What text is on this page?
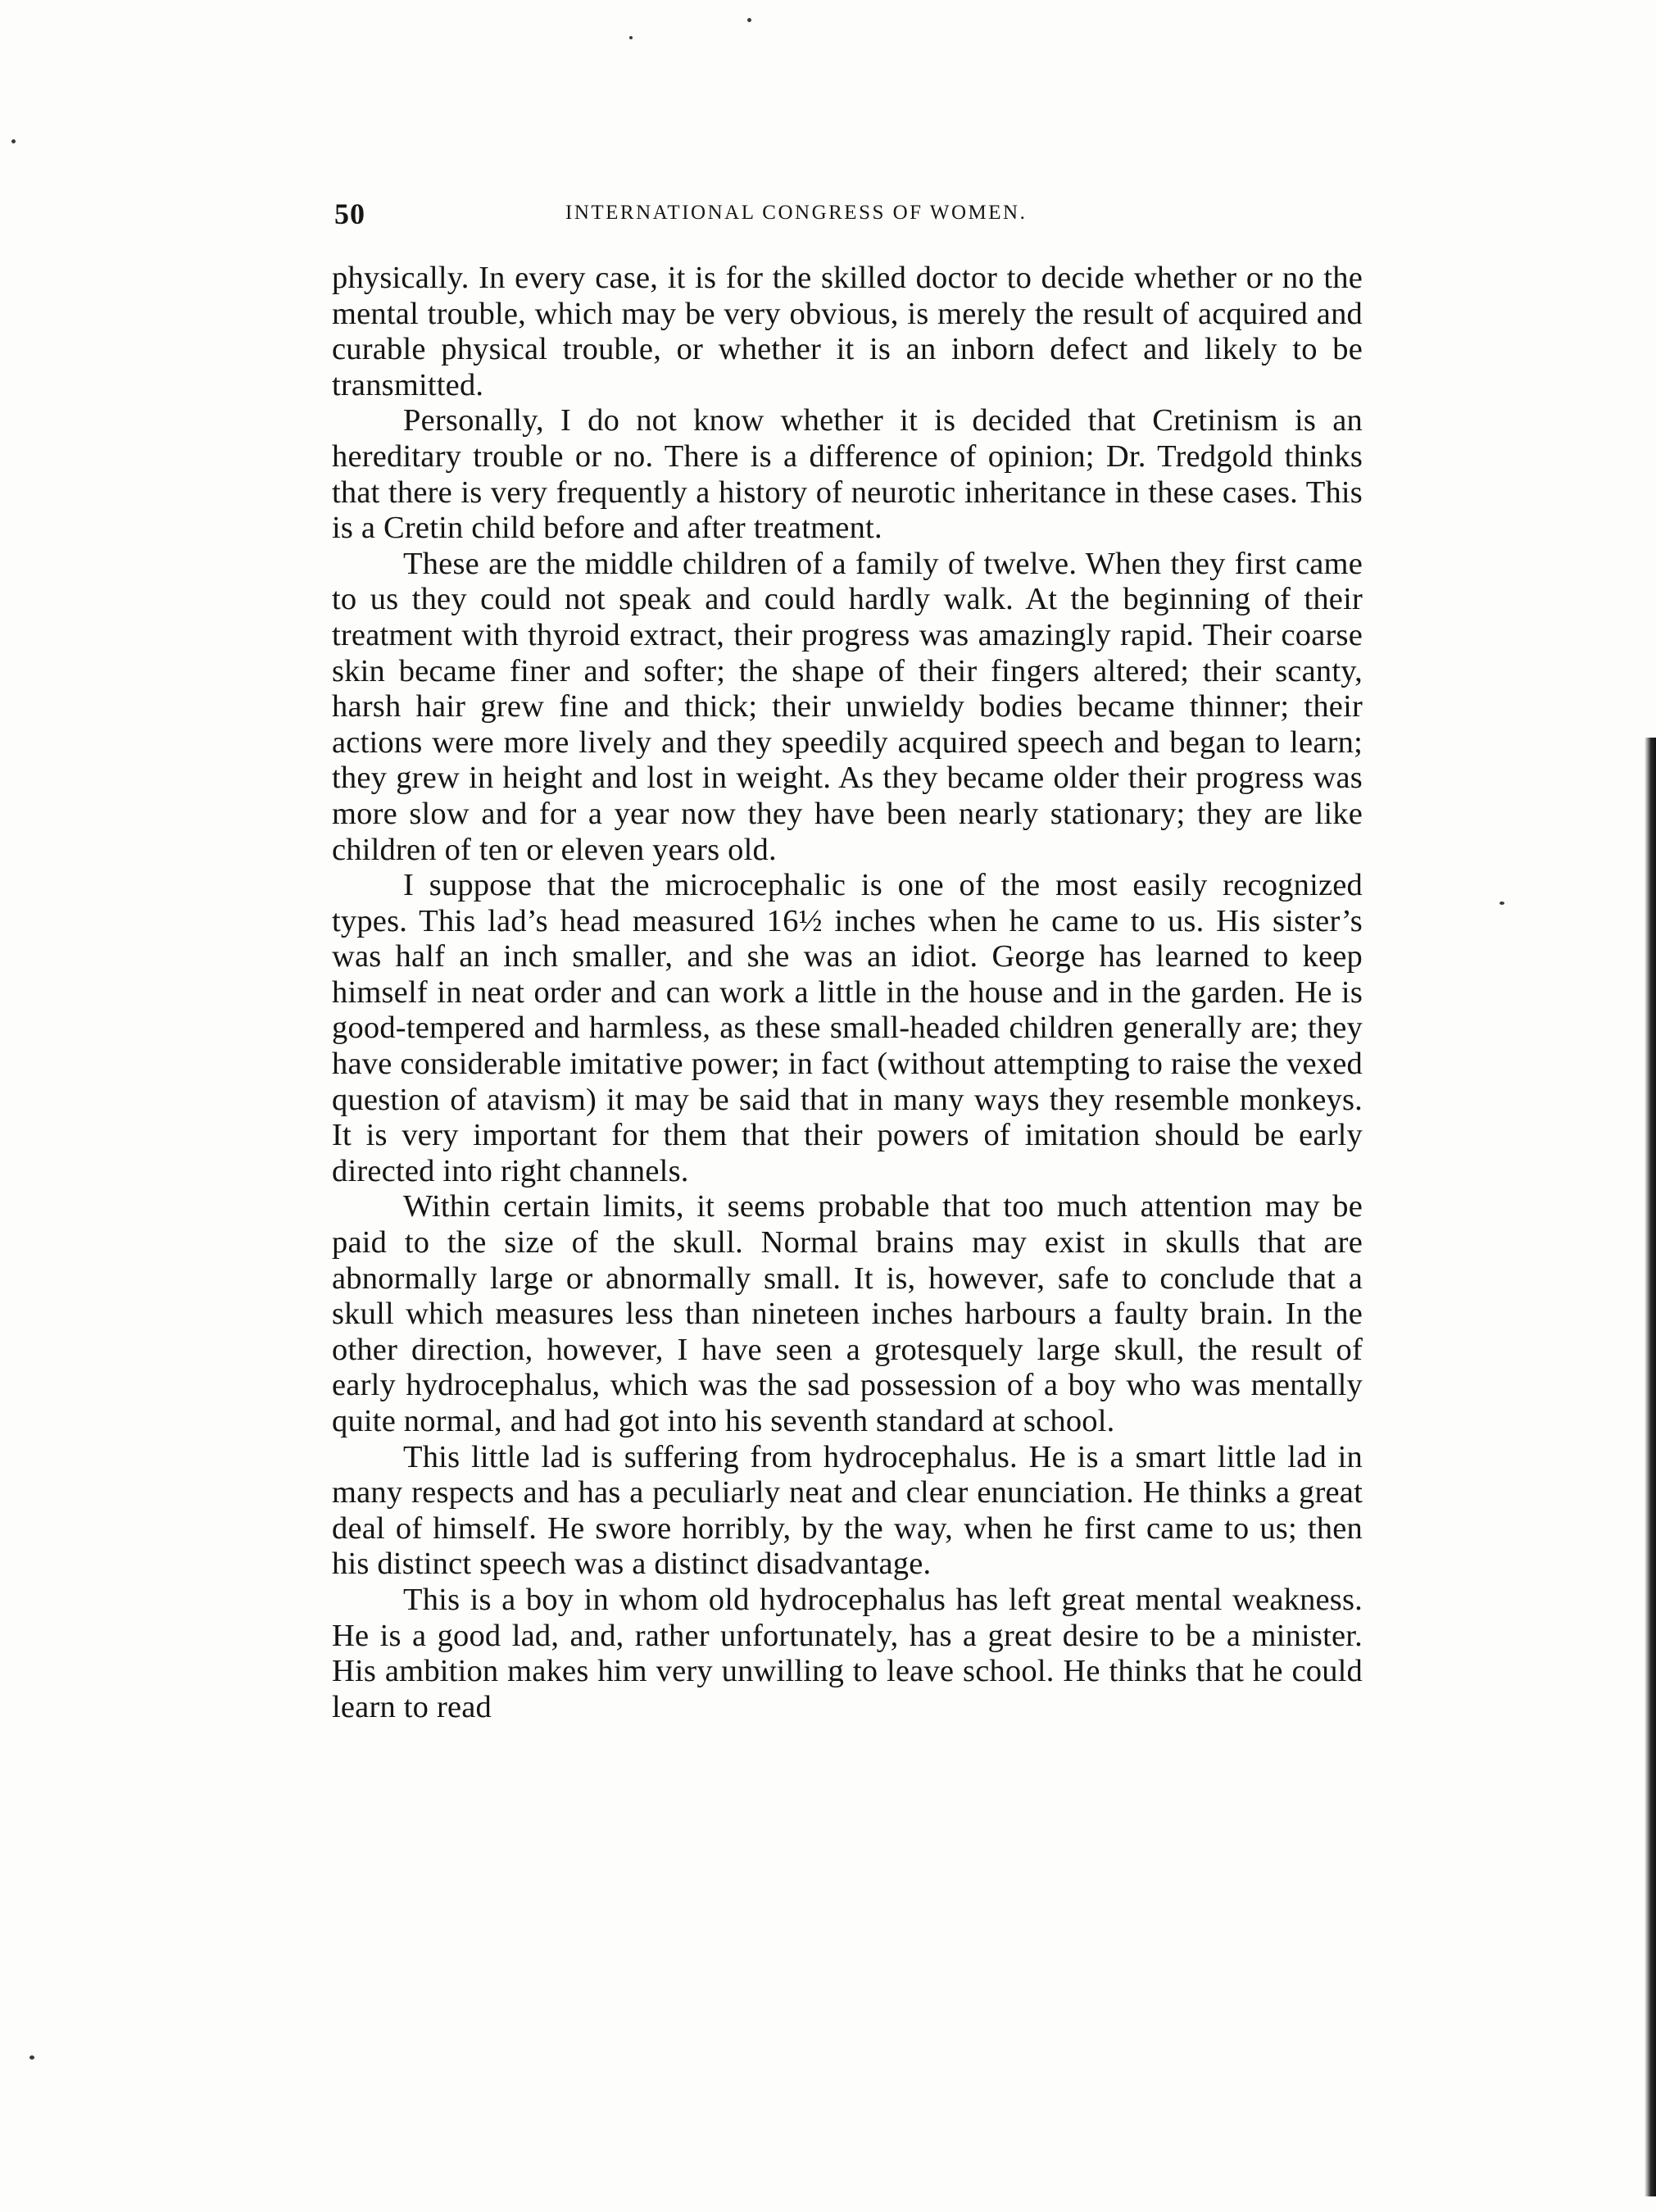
50	INTERNATIONAL CONGRESS OF WOMEN.

physically. In every case, it is for the skilled doctor to decide whether or no the mental trouble, which may be very obvious, is merely the result of acquired and curable physical trouble, or whether it is an inborn defect and likely to be transmitted.

Personally, I do not know whether it is decided that Cretinism is an hereditary trouble or no. There is a difference of opinion; Dr. Tredgold thinks that there is very frequently a history of neurotic inheritance in these cases. This is a Cretin child before and after treatment.

These are the middle children of a family of twelve. When they first came to us they could not speak and could hardly walk. At the beginning of their treatment with thyroid extract, their progress was amazingly rapid. Their coarse skin became finer and softer; the shape of their fingers altered; their scanty, harsh hair grew fine and thick; their unwieldy bodies became thinner; their actions were more lively and they speedily acquired speech and began to learn; they grew in height and lost in weight. As they became older their progress was more slow and for a year now they have been nearly stationary; they are like children of ten or eleven years old.

I suppose that the microcephalic is one of the most easily recognized types. This lad’s head measured 16½ inches when he came to us. His sister’s was half an inch smaller, and she was an idiot. George has learned to keep himself in neat order and can work a little in the house and in the garden. He is good-tempered and harmless, as these small-headed children generally are; they have considerable imitative power; in fact (without attempting to raise the vexed question of atavism) it may be said that in many ways they resemble monkeys. It is very important for them that their powers of imitation should be early directed into right channels.

Within certain limits, it seems probable that too much attention may be paid to the size of the skull. Normal brains may exist in skulls that are abnormally large or abnormally small. It is, however, safe to conclude that a skull which measures less than nineteen inches harbours a faulty brain. In the other direction, however, I have seen a grotesquely large skull, the result of early hydrocephalus, which was the sad possession of a boy who was mentally quite normal, and had got into his seventh standard at school.

This little lad is suffering from hydrocephalus. He is a smart little lad in many respects and has a peculiarly neat and clear enunciation. He thinks a great deal of himself. He swore horribly, by the way, when he first came to us; then his distinct speech was a distinct disadvantage.

This is a boy in whom old hydrocephalus has left great mental weakness. He is a good lad, and, rather unfortunately, has a great desire to be a minister. His ambition makes him very unwilling to leave school. He thinks that he could learn to read
